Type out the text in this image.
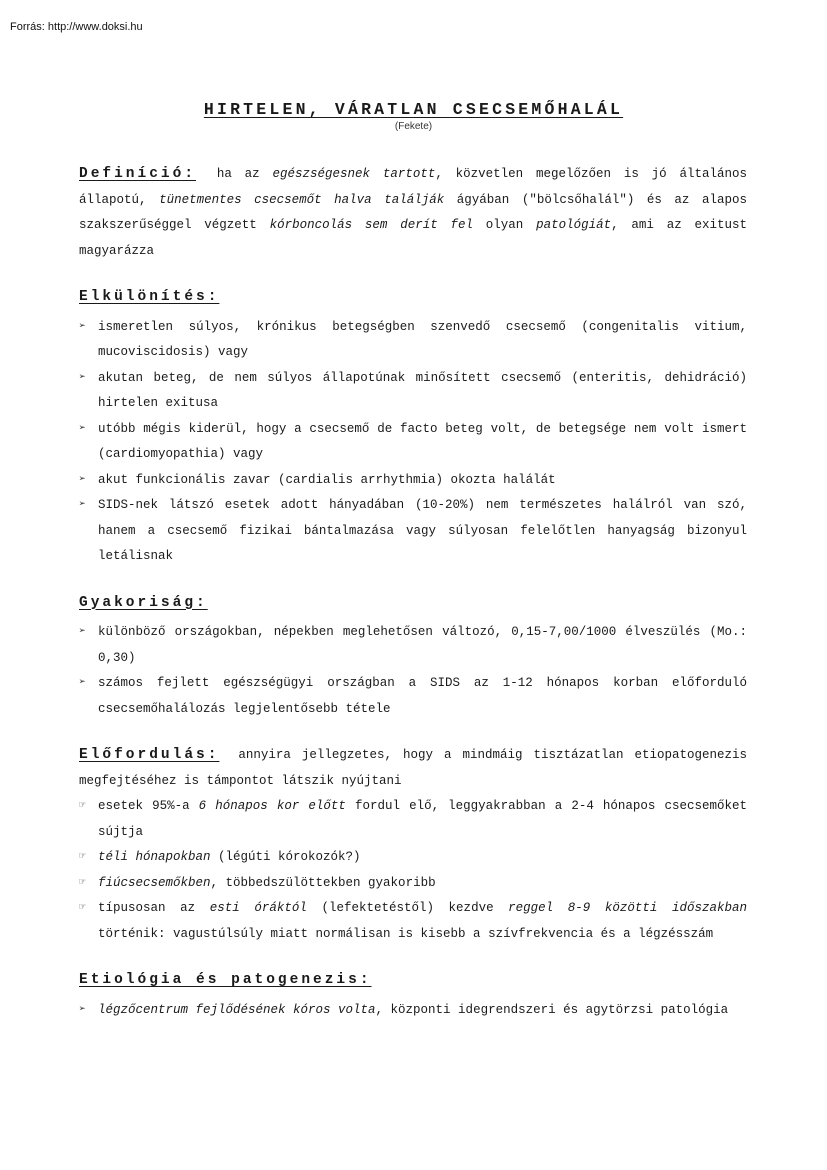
Forrás: http://www.doksi.hu
HIRTELEN, VÁRATLAN CSECSEMŐHALÁL
(Fekete)

Definíció: ha az egészségesnek tartott, közvetlen megelőzően is jó általános állapotú, tünetmentes csecsemőt halva találják ágyában ("bölcsőhalál") és az alapos szakszerűséggel végzett kórboncolás sem derít fel olyan patológiát, ami az exitust magyarázza

Elkülönítés:
➢ ismeretlen súlyos, krónikus betegségben szenvedő csecsemő (congenitalis vitium, mucoviscidosis) vagy
➢ akutan beteg, de nem súlyos állapotúnak minősített csecsemő (enteritis, dehidráció) hirtelen exitusa
➢ utóbb mégis kiderül, hogy a csecsemő de facto beteg volt, de betegsége nem volt ismert (cardiomyopathia) vagy
➢ akut funkcionális zavar (cardialis arrhythmia) okozta halálát
➢ SIDS-nek látszó esetek adott hányadában (10-20%) nem természetes halálról van szó, hanem a csecsemő fizikai bántalmazása vagy súlyosan felelőtlen hanyagság bizonyul letálisnak
Gyakoriság:
➢ különböző országokban, népekben meglehetősen változó, 0,15-7,00/1000 élveszülés (Mo.: 0,30)
➢ számos fejlett egészségügyi országban a SIDS az 1-12 hónapos korban előforduló csecsemőhalálozás legjelentősebb tétele

Előfordulás: annyira jellegzetes, hogy a mindmáig tisztázatlan etiopatogenezis megfejtéséhez is támpontot látszik nyújtani

☞ esetek 95%-a 6 hónapos kor előtt fordul elő, leggyakrabban a 2-4 hónapos csecsemőket sújtja
☞ téli hónapokban (légúti kórokozók?)
☞ fiúcsecsemőkben, többedszülöttekben gyakoribb
☞ típusosan az esti óráktól (lefektetéstől) kezdve reggel 8-9 közötti időszakban történik: vagustúlsúly miatt normálisan is kisebb a szívfrekvencia és a légzésszám
Etiológia és patogenezis:
➢ légzőcentrum fejlődésének kóros volta, központi idegrendszeri és agytörzsi patológia
